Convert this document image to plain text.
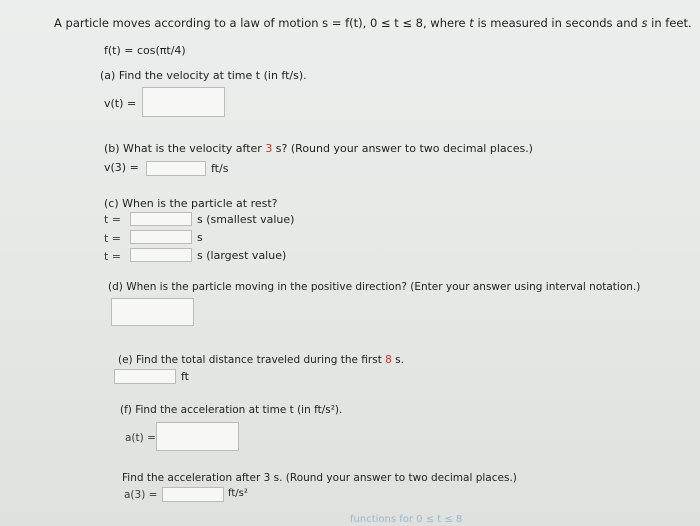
A particle moves according to a law of motion s = f(t), 0 ≤ t ≤ 8, where t is measured in seconds and s in feet.
f(t) = cos(πt/4)
(a) Find the velocity at time t (in ft/s).
v(t) =
(b) What is the velocity after 3 s? (Round your answer to two decimal places.)
v(3) =	ft/s
(c) When is the particle at rest?
t =	s (smallest value)
t =	s
t =	s (largest value)
(d) When is the particle moving in the positive direction? (Enter your answer using interval notation.)
(e) Find the total distance traveled during the first 8 s.
ft
(f) Find the acceleration at time t (in ft/s²).
a(t) =
Find the acceleration after 3 s. (Round your answer to two decimal places.)
a(3) =	ft/s²
functions for 0 ≤ t ≤ 8
